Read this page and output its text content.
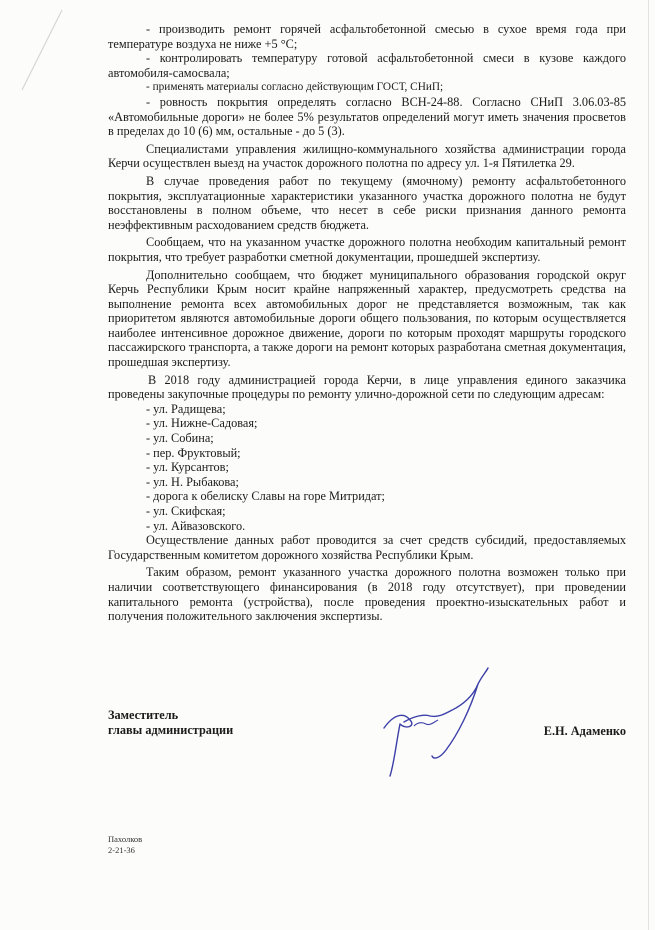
- производить ремонт горячей асфальтобетонной смесью в сухое время года при температуре воздуха не ниже +5 °С;

- контролировать температуру готовой асфальтобетонной смеси в кузове каждого автомобиля-самосвала;

- применять материалы согласно действующим ГОСТ, СНиП;

- ровность покрытия определять согласно ВСН-24-88. Согласно СНиП 3.06.03-85 «Автомобильные дороги» не более 5% результатов определений могут иметь значения просветов в пределах до 10 (6) мм, остальные - до 5 (3).

Специалистами управления жилищно-коммунального хозяйства администрации города Керчи осуществлен выезд на участок дорожного полотна по адресу ул. 1-я Пятилетка 29.

В случае проведения работ по текущему (ямочному) ремонту асфальтобетонного покрытия, эксплуатационные характеристики указанного участка дорожного полотна не будут восстановлены в полном объеме, что несет в себе риски признания данного ремонта неэффективным расходованием средств бюджета.

Сообщаем, что на указанном участке дорожного полотна необходим капитальный ремонт покрытия, что требует разработки сметной документации, прошедшей экспертизу.

Дополнительно сообщаем, что бюджет муниципального образования городской округ Керчь Республики Крым носит крайне напряженный характер, предусмотреть средства на выполнение ремонта всех автомобильных дорог не представляется возможным, так как приоритетом являются автомобильные дороги общего пользования, по которым осуществляется наиболее интенсивное дорожное движение, дороги по которым проходят маршруты городского пассажирского транспорта, а также дороги на ремонт которых разработана сметная документация, прошедшая экспертизу.

В 2018 году администрацией города Керчи, в лице управления единого заказчика проведены закупочные процедуры по ремонту улично-дорожной сети по следующим адресам:

- ул. Радищева;
- ул. Нижне-Садовая;
- ул. Собина;
- пер. Фруктовый;
- ул. Курсантов;
- ул. Н. Рыбакова;
- дорога к обелиску Славы на горе Митридат;
- ул. Скифская;
- ул. Айвазовского.

Осуществление данных работ проводится за счет средств субсидий, предоставляемых Государственным комитетом дорожного хозяйства Республики Крым.

Таким образом, ремонт указанного участка дорожного полотна возможен только при наличии соответствующего финансирования (в 2018 году отсутствует), при проведении капитального ремонта (устройства), после проведения проектно-изыскательных работ и получения положительного заключения экспертизы.

Заместитель
главы администрации	Е.Н. Адаменко
Пахолков
2-21-36
